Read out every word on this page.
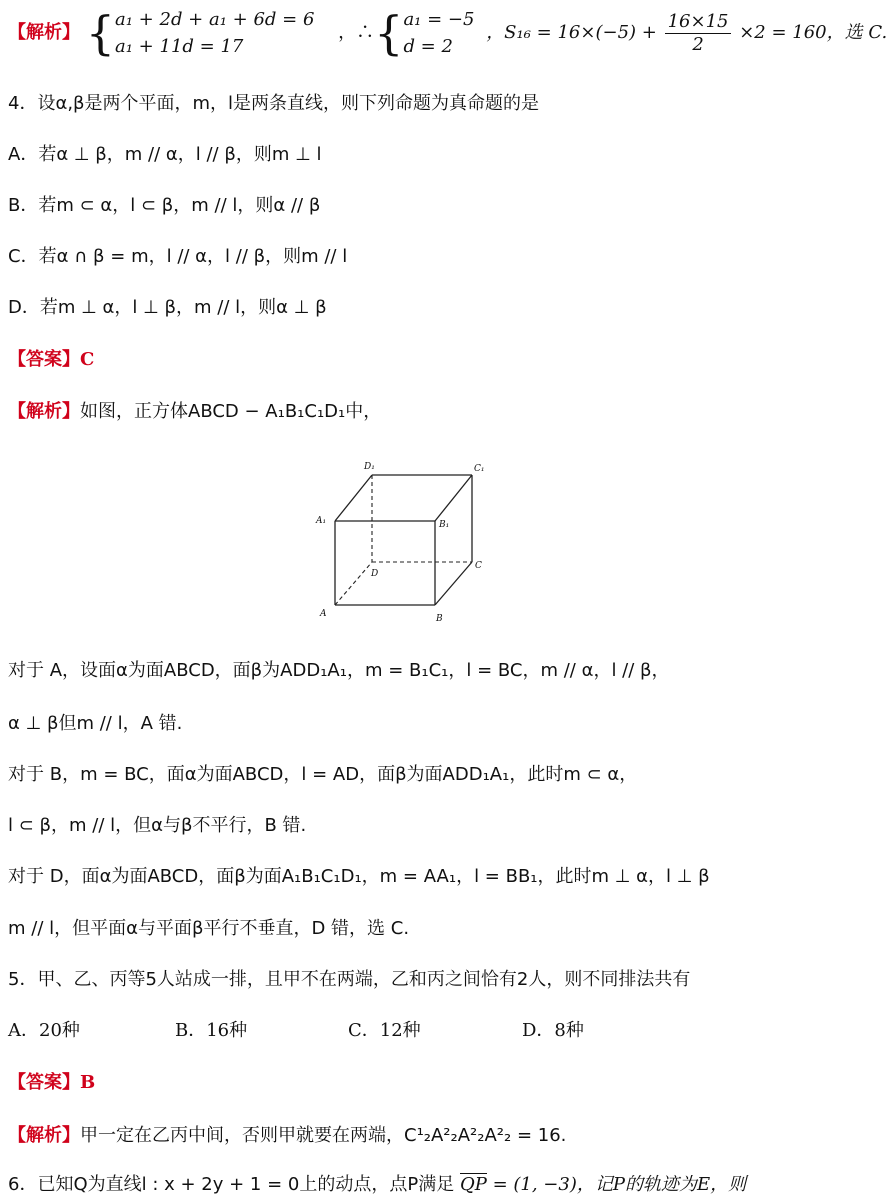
【解析】 { a₁ + 2d + a₁ + 6d = 6
a₁ + 11d = 17
，∴{ a₁ = −5
d = 2
，$S_{16} = 16\times(-5) + \frac{16\times 15}{2} \times 2 = 160$，选 C.
4．设α,β是两个平面，m，l是两条直线，则下列命题为真命题的是
A．若α ⊥ β，m // α，l // β，则m ⊥ l
B．若m ⊂ α，l ⊂ β，m // l，则α // β
C．若α ∩ β = m，l // α，l // β，则m // l
D．若m ⊥ α，l ⊥ β，m // l，则α ⊥ β
【答案】C
【解析】如图，正方体ABCD − A₁B₁C₁D₁中，
D₁	C₁
A₁	B₁
D
C
A	B
对于 A，设面α为面ABCD，面β为ADD₁A₁，m = B₁C₁，l = BC，m // α，l // β，
α ⊥ β但m // l，A 错.
对于 B，m = BC，面α为面ABCD，l = AD，面β为面ADD₁A₁，此时m ⊂ α，
l ⊂ β，m // l，但α与β不平行，B 错.
对于 D，面α为面ABCD，面β为面A₁B₁C₁D₁，m = AA₁，l = BB₁，此时m ⊥ α，l ⊥ β
m // l，但平面α与平面β平行不垂直，D 错，选 C.
5．甲、乙、丙等5人站成一排，且甲不在两端，乙和丙之间恰有2人，则不同排法共有
A．20种	B．16种	C．12种	D．8种
【答案】B
【解析】甲一定在乙丙中间，否则甲就要在两端，C¹₂A²₂A²₂A²₂ = 16.
6．已知Q为直线l : x + 2y + 1 = 0上的动点，点P满足 QP = (1, −3)，记P的轨迹为E，则
